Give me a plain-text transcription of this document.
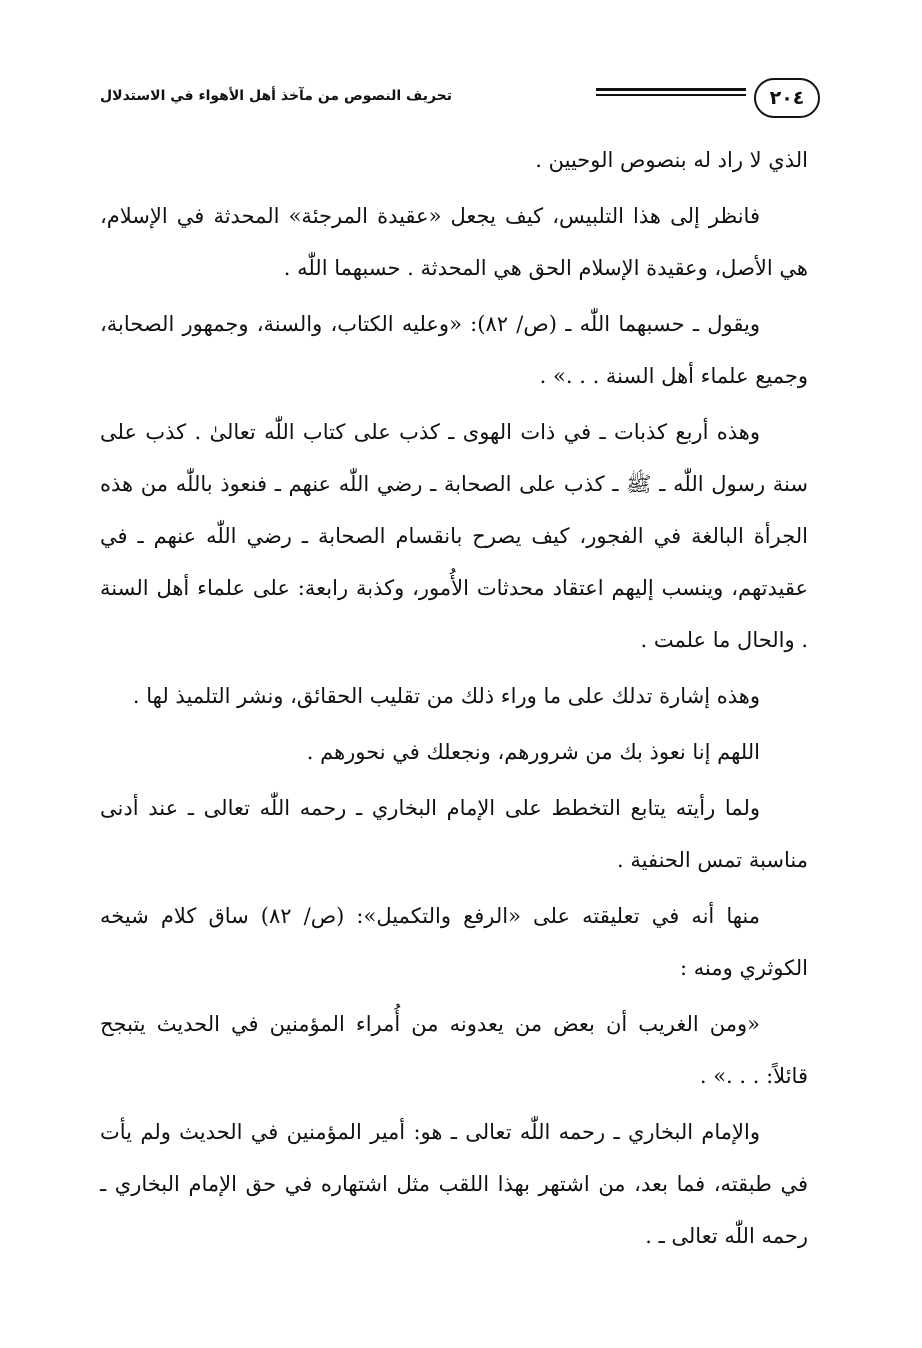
٢٠٤
تحريف النصوص من مآخذ أهل الأهواء في الاستدلال

الذي لا راد له بنصوص الوحيين .

فانظر إلى هذا التلبيس، كيف يجعل «عقيدة المرجئة» المحدثة في الإسلام، هي الأصل، وعقيدة الإسلام الحق هي المحدثة . حسبهما اللّٰه .

ويقول ـ حسبهما اللّٰه ـ (ص/ ٨٢): «وعليه الكتاب، والسنة، وجمهور الصحابة، وجميع علماء أهل السنة . . .» .

وهذه أربع كذبات ـ في ذات الهوى ـ كذب على كتاب اللّٰه تعالىٰ . كذب على سنة رسول اللّٰه ـ ﷺ ـ كذب على الصحابة ـ رضي اللّٰه عنهم ـ فنعوذ باللّٰه من هذه الجرأة البالغة في الفجور، كيف يصرح بانقسام الصحابة ـ رضي اللّٰه عنهم ـ في عقيدتهم، وينسب إليهم اعتقاد محدثات الأُمور، وكذبة رابعة: على علماء أهل السنة . والحال ما علمت .

وهذه إشارة تدلك على ما وراء ذلك من تقليب الحقائق، ونشر التلميذ لها .

اللهم إنا نعوذ بك من شرورهم، ونجعلك في نحورهم .

ولما رأيته يتابع التخطط على الإمام البخاري ـ رحمه اللّٰه تعالى ـ عند أدنى مناسبة تمس الحنفية .

منها أنه في تعليقته على «الرفع والتكميل»: (ص/ ٨٢) ساق كلام شيخه الكوثري ومنه :

«ومن الغريب أن بعض من يعدونه من أُمراء المؤمنين في الحديث يتبجح قائلاً: . . .» .

والإمام البخاري ـ رحمه اللّٰه تعالى ـ هو: أمير المؤمنين في الحديث ولم يأت في طبقته، فما بعد، من اشتهر بهذا اللقب مثل اشتهاره في حق الإمام البخاري ـ رحمه اللّٰه تعالى ـ .
